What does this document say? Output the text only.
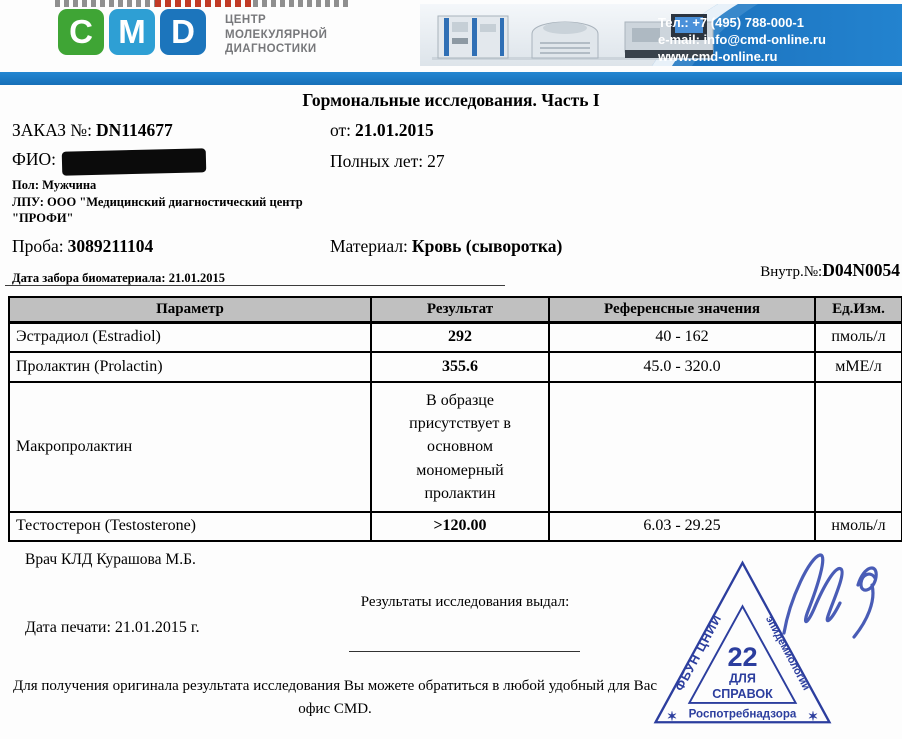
C M D	ЦЕНТР
МОЛЕКУЛЯРНОЙ
ДИАГНОСТИКИ
Тел.: +7 (495) 788-000-1
e-mail: info@cmd-online.ru
www.cmd-online.ru
Гормональные исследования. Часть I
ЗАКАЗ №: DN114677	от: 21.01.2015
ФИО:	Полных лет: 27
Пол: Мужчина
ЛПУ: ООО "Медицинский диагностический центр
"ПРОФИ"
Проба: 3089211104	Материал: Кровь (сыворотка)
Дата забора биоматериала: 21.01.2015	Внутр.№:D04N0054
Параметр	Результат	Референсные значения	Ед.Изм.
Эстрадиол (Estradiol)	292	40 - 162	пмоль/л
Пролактин (Prolactin)	355.6	45.0 - 320.0	мМЕ/л
Макропролактин	В образце присутствует в основном мономерный пролактин		
Тестостерон (Testosterone)	>120.00	6.03 - 29.25	нмоль/л
Врач КЛД Курашова М.Б.
Результаты исследования выдал:
Дата печати: 21.01.2015 г.
Для получения оригинала результата исследования Вы можете обратиться в любой удобный для Вас офис CMD.
22
ДЛЯ
СПРАВОК
Роспотребнадзора
ФБУН ЦНИИ	эпидемиологии
✶	✶
